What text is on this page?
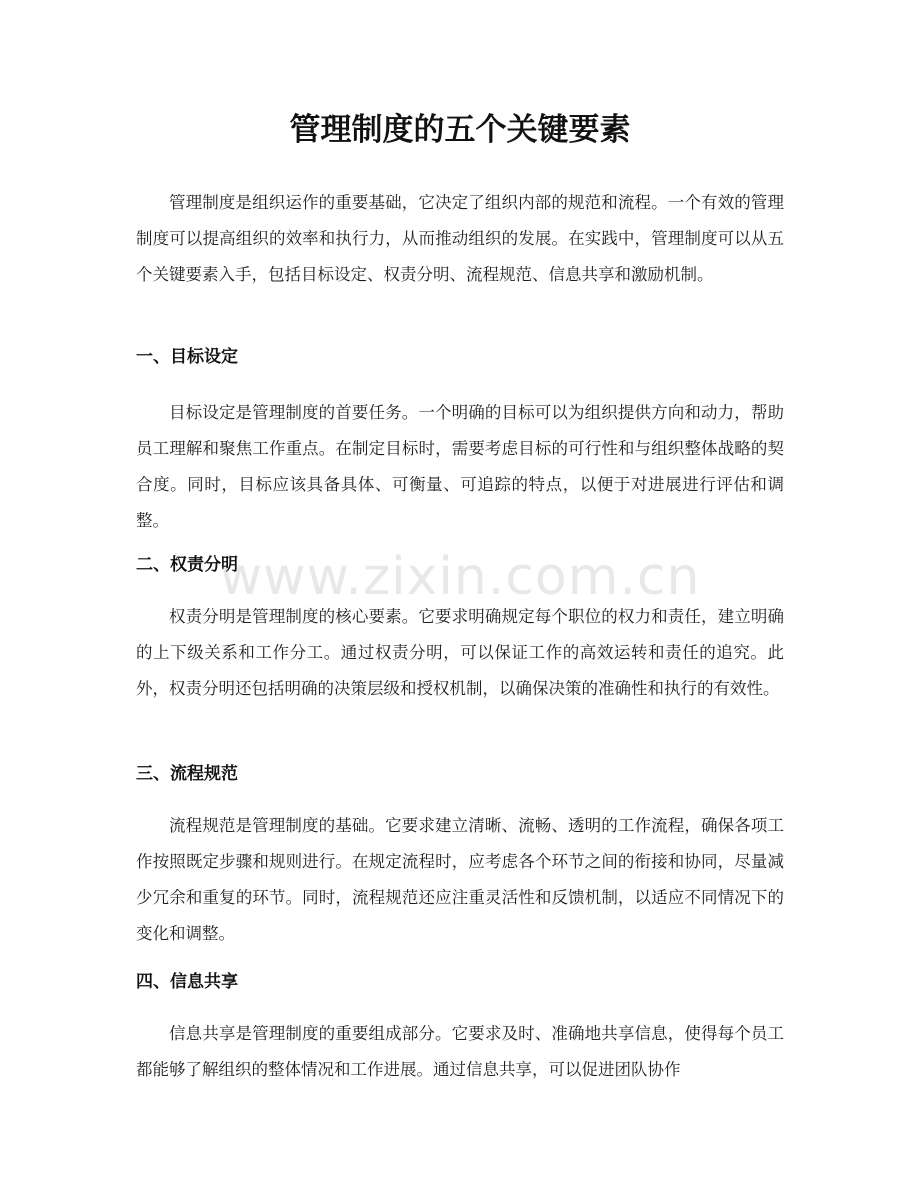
管理制度的五个关键要素

管理制度是组织运作的重要基础，它决定了组织内部的规范和流程。一个有效的管理制度可以提高组织的效率和执行力，从而推动组织的发展。在实践中，管理制度可以从五个关键要素入手，包括目标设定、权责分明、流程规范、信息共享和激励机制。

一、目标设定

目标设定是管理制度的首要任务。一个明确的目标可以为组织提供方向和动力，帮助员工理解和聚焦工作重点。在制定目标时，需要考虑目标的可行性和与组织整体战略的契合度。同时，目标应该具备具体、可衡量、可追踪的特点，以便于对进展进行评估和调整。

二、权责分明

权责分明是管理制度的核心要素。它要求明确规定每个职位的权力和责任，建立明确的上下级关系和工作分工。通过权责分明，可以保证工作的高效运转和责任的追究。此外，权责分明还包括明确的决策层级和授权机制，以确保决策的准确性和执行的有效性。

三、流程规范

流程规范是管理制度的基础。它要求建立清晰、流畅、透明的工作流程，确保各项工作按照既定步骤和规则进行。在规定流程时，应考虑各个环节之间的衔接和协同，尽量减少冗余和重复的环节。同时，流程规范还应注重灵活性和反馈机制，以适应不同情况下的变化和调整。

四、信息共享

信息共享是管理制度的重要组成部分。它要求及时、准确地共享信息，使得每个员工都能够了解组织的整体情况和工作进展。通过信息共享，可以促进团队协作

www.zixin.com.cn
